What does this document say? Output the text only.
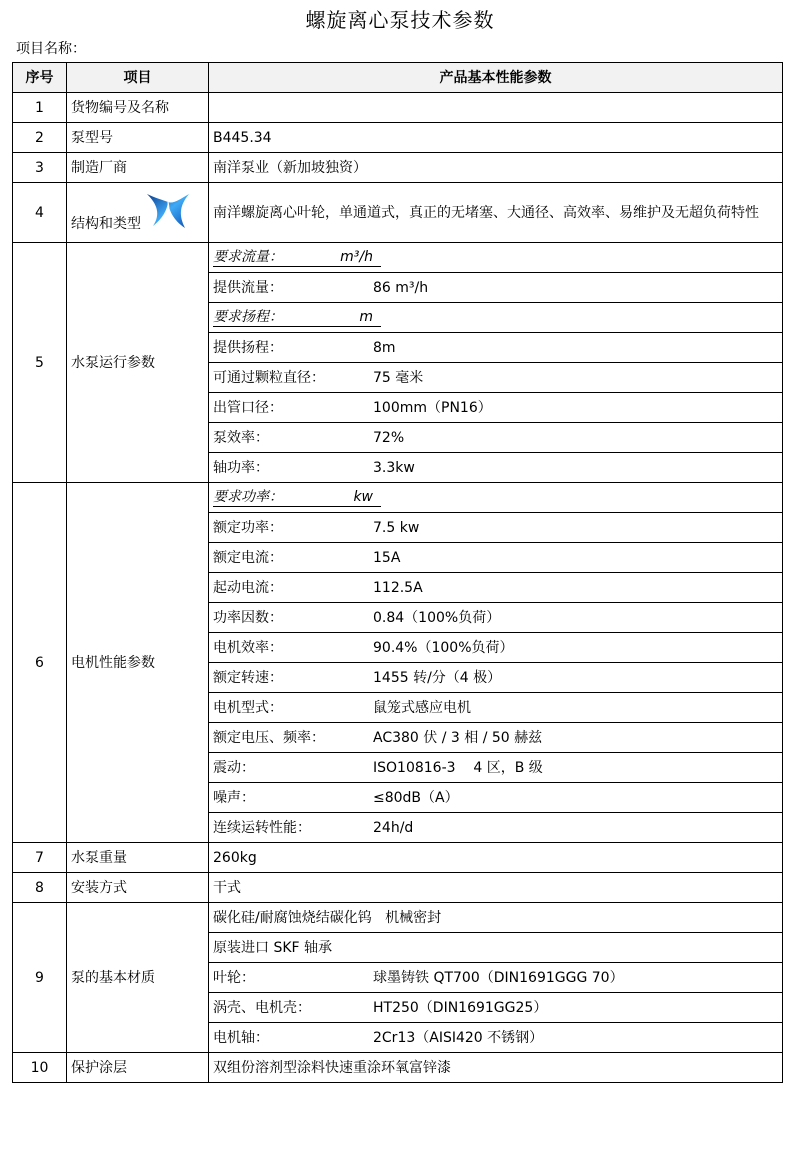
螺旋离心泵技术参数
项目名称：
序号	项目	产品基本性能参数
1	货物编号及名称	
2	泵型号	B445.34
3	制造厂商	南洋泵业（新加坡独资）
4	结构和类型	南洋螺旋离心叶轮，单通道式，真正的无堵塞、大通径、高效率、易维护及无超负荷特性
5	水泵运行参数	要求流量： m³/h

		提供流量： 86 m³/h

		要求扬程： m

		提供扬程： 8m

		可通过颗粒直径： 75 毫米

		出管口径： 100mm（PN16）

		泵效率： 72%

		轴功率： 3.3kw

6	电机性能参数	要求功率： kw

		额定功率： 7.5 kw

		额定电流： 15A

		起动电流： 112.5A

		功率因数： 0.84（100%负荷）

		电机效率： 90.4%（100%负荷）

		额定转速： 1455 转/分（4 极）

		电机型式： 鼠笼式感应电机

		额定电压、频率： AC380 伏 / 3 相 / 50 赫兹

		震动： ISO10816-3    4 区，B 级

		噪声： ≤80dB（A）

		连续运转性能： 24h/d

7	水泵重量	260kg
8	安装方式	干式
9	泵的基本材质	碳化硅/耐腐蚀烧结碳化钨   机械密封
		原装进口 SKF 轴承

		叶轮： 球墨铸铁 QT700（DIN1691GGG 70）

		涡壳、电机壳： HT250（DIN1691GG25）

		电机轴： 2Cr13（AISI420 不锈钢）

10	保护涂层	双组份溶剂型涂料快速重涂环氧富锌漆
